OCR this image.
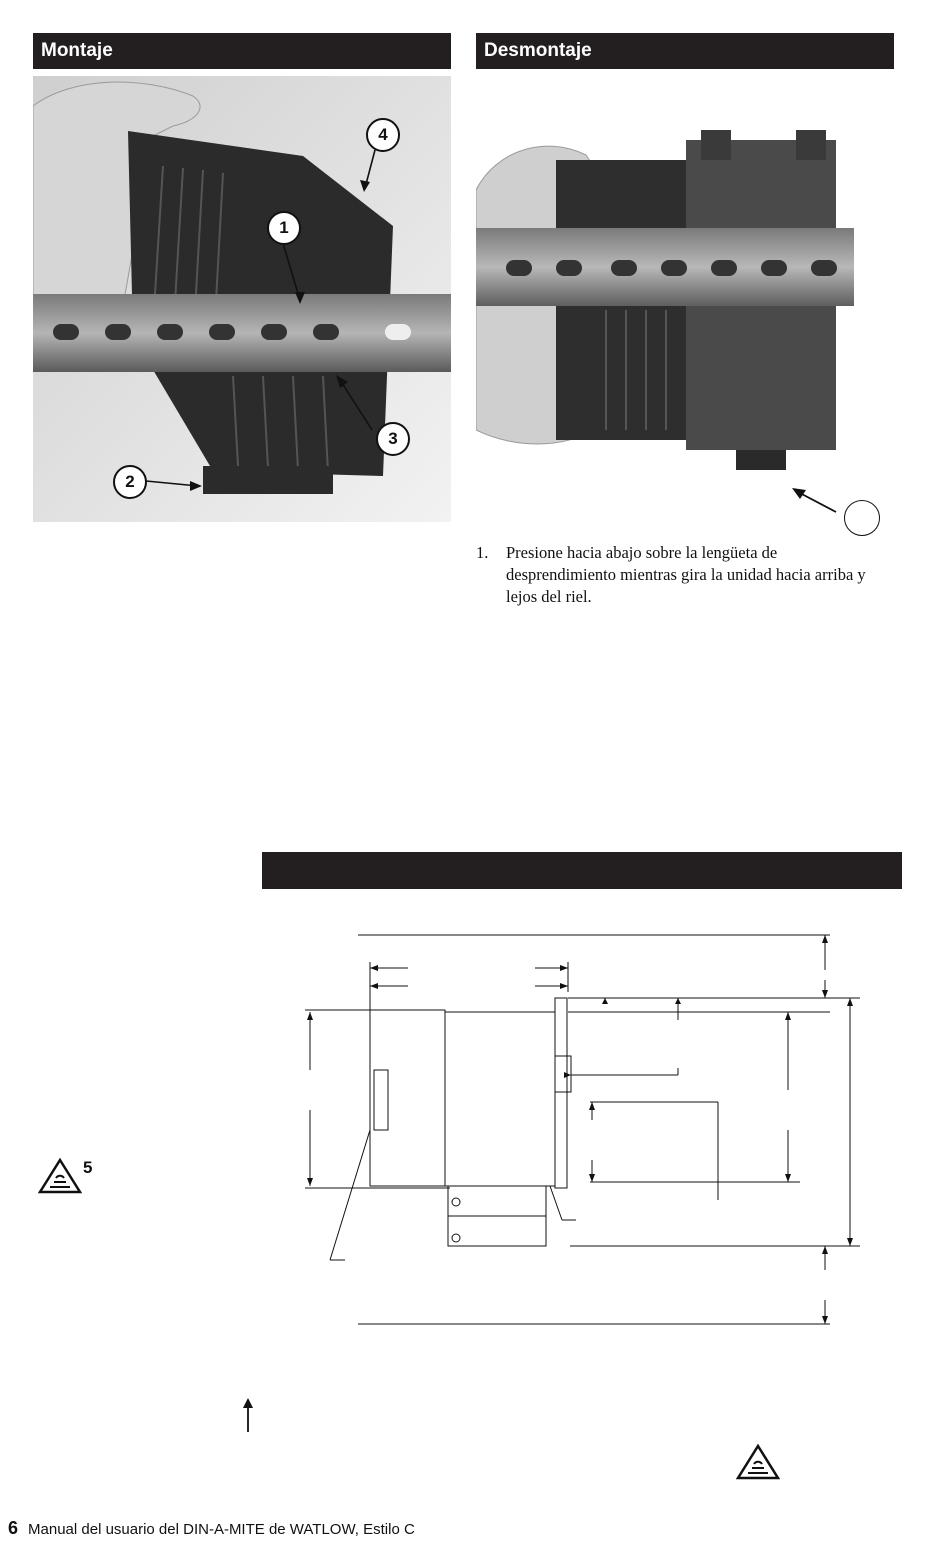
Montaje	Desmontaje
1
2
3
4
1. Presione hacia abajo sobre la lengüeta de desprendimiento mientras gira la unidad hacia arriba y lejos del riel.
5
6 Manual del usuario del DIN-A-MITE de WATLOW, Estilo C
